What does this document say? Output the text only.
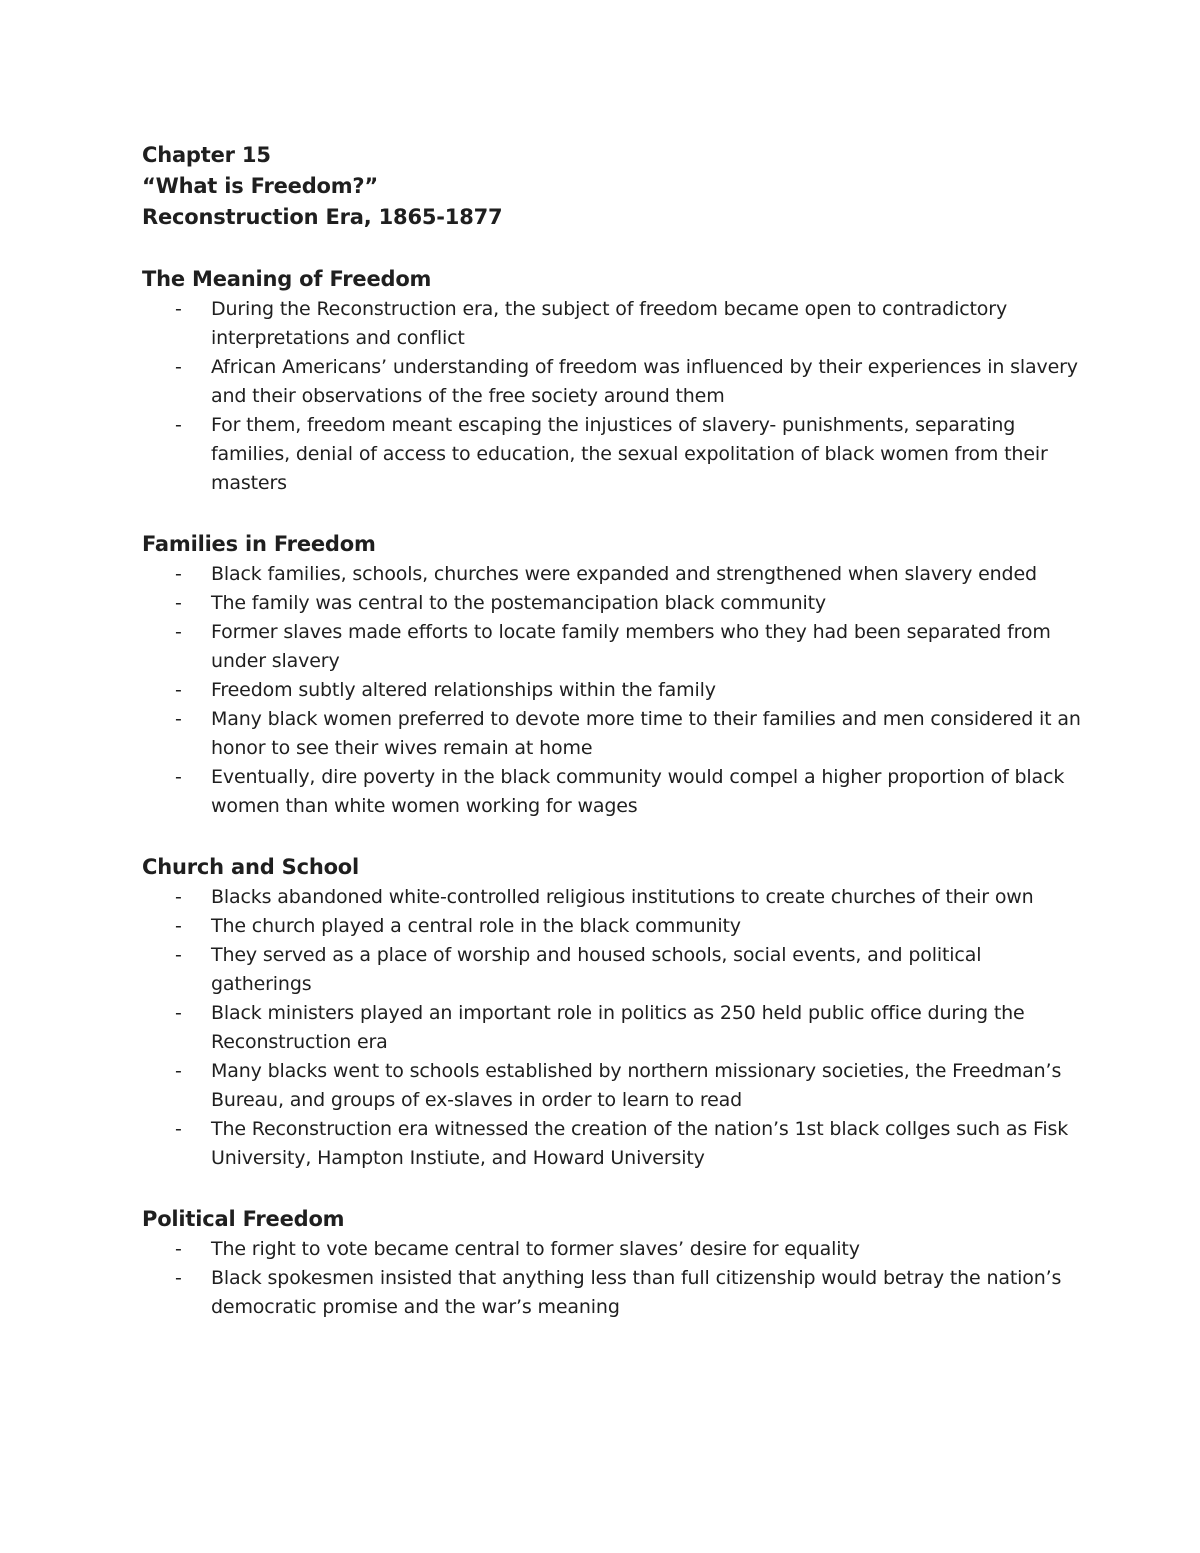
Chapter 15

“What is Freedom?”

Reconstruction Era, 1865-1877

The Meaning of Freedom

- During the Reconstruction era, the subject of freedom became open to contradictory interpretations and conflict
- African Americans’ understanding of freedom was influenced by their experiences in slavery and their observations of the free society around them
- For them, freedom meant escaping the injustices of slavery- punishments, separating families, denial of access to education, the sexual expolitation of black women from their masters

Families in Freedom

- Black families, schools, churches were expanded and strengthened when slavery ended
- The family was central to the postemancipation black community
- Former slaves made efforts to locate family members who they had been separated from under slavery
- Freedom subtly altered relationships within the family
- Many black women preferred to devote more time to their families and men considered it an honor to see their wives remain at home
- Eventually, dire poverty in the black community would compel a higher proportion of black women than white women working for wages

Church and School

- Blacks abandoned white-controlled religious institutions to create churches of their own
- The church played a central role in the black community
- They served as a place of worship and housed schools, social events, and political gatherings
- Black ministers played an important role in politics as 250 held public office during the Reconstruction era
- Many blacks went to schools established by northern missionary societies, the Freedman’s Bureau, and groups of ex-slaves in order to learn to read
- The Reconstruction era witnessed the creation of the nation’s 1st black collges such as Fisk University, Hampton Instiute, and Howard University

Political Freedom

- The right to vote became central to former slaves’ desire for equality
- Black spokesmen insisted that anything less than full citizenship would betray the nation’s democratic promise and the war’s meaning
